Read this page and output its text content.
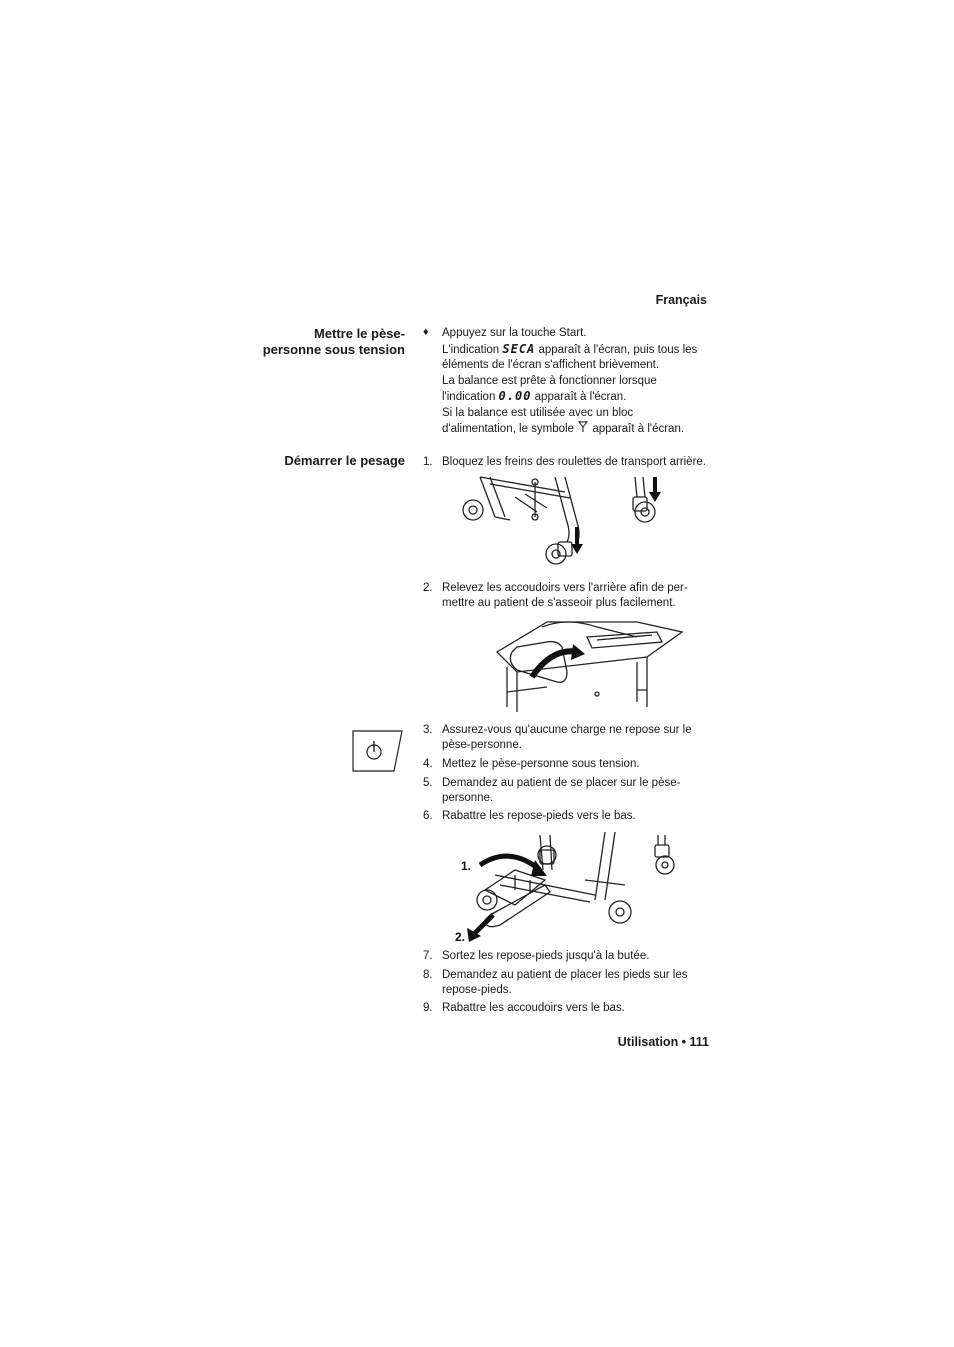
Français
Mettre le pèse-
personne sous tension
♦ Appuyez sur la touche Start.
L'indication SECA apparaît à l'écran, puis tous les
éléments de l'écran s'affichent brièvement.
La balance est prête à fonctionner lorsque
l'indication 0.00 apparaît à l'écran.
Si la balance est utilisée avec un bloc
d'alimentation, le symbole  apparaît à l'écran.
Démarrer le pesage 1. Bloquez les freins des roulettes de transport arrière.
2. Relevez les accoudoirs vers l'arrière afin de per-mettre au patient de s'asseoir plus facilement.
3. Assurez-vous qu'aucune charge ne repose sur le pèse-personne.
4. Mettez le pèse-personne sous tension.
5. Demandez au patient de se placer sur le pèse-personne.
6. Rabattre les repose-pieds vers le bas.
1.
2.
7. Sortez les repose-pieds jusqu'à la butée.
8. Demandez au patient de placer les pieds sur les repose-pieds.
9. Rabattre les accoudoirs vers le bas.
Utilisation • 111
